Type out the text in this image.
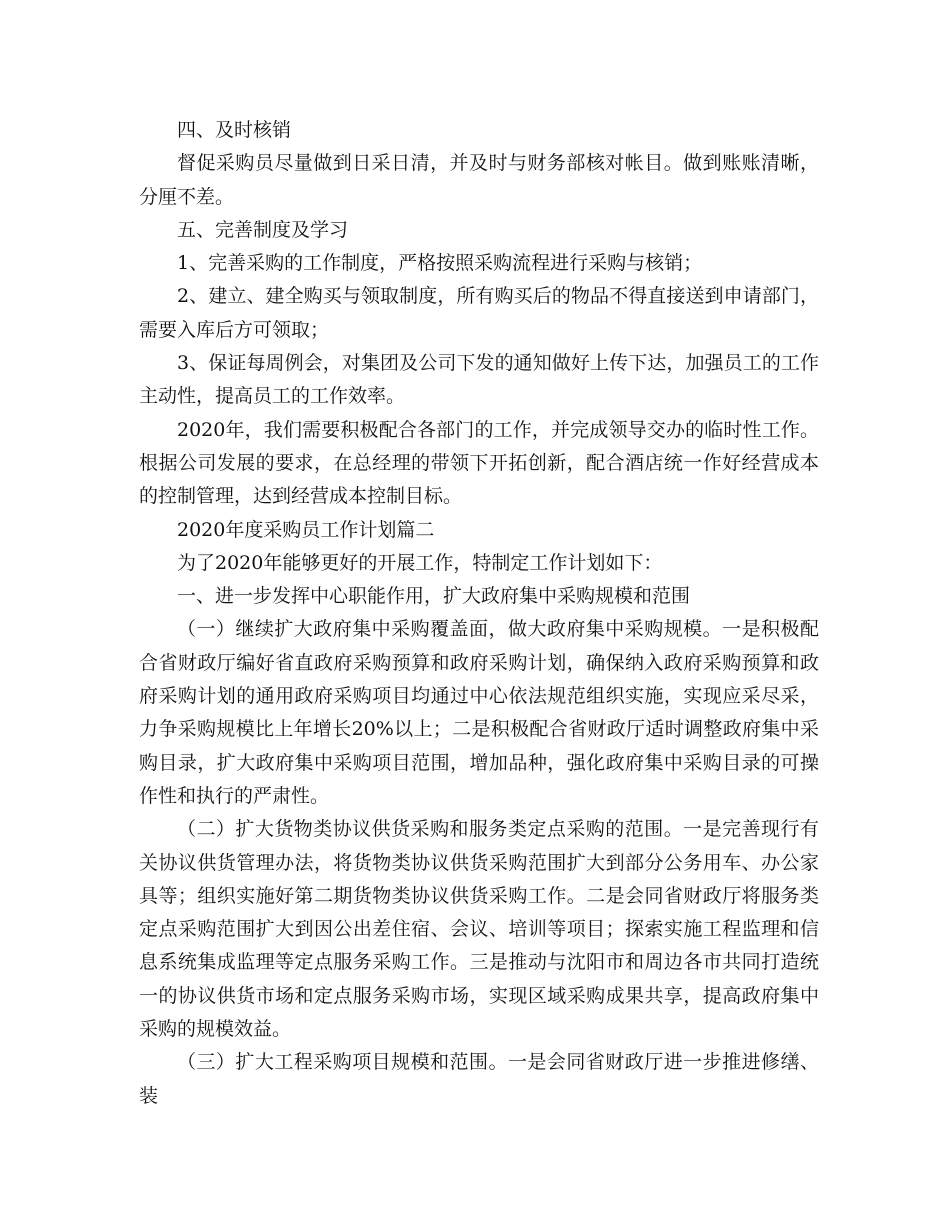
四、及时核销

督促采购员尽量做到日采日清，并及时与财务部核对帐目。做到账账清晰，分厘不差。

五、完善制度及学习

1、完善采购的工作制度，严格按照采购流程进行采购与核销；

2、建立、建全购买与领取制度，所有购买后的物品不得直接送到申请部门，需要入库后方可领取；

3、保证每周例会，对集团及公司下发的通知做好上传下达，加强员工的工作主动性，提高员工的工作效率。

2020年，我们需要积极配合各部门的工作，并完成领导交办的临时性工作。根据公司发展的要求，在总经理的带领下开拓创新，配合酒店统一作好经营成本的控制管理，达到经营成本控制目标。

2020年度采购员工作计划篇二

为了2020年能够更好的开展工作，特制定工作计划如下：

一、进一步发挥中心职能作用，扩大政府集中采购规模和范围

（一）继续扩大政府集中采购覆盖面，做大政府集中采购规模。一是积极配合省财政厅编好省直政府采购预算和政府采购计划，确保纳入政府采购预算和政府采购计划的通用政府采购项目均通过中心依法规范组织实施，实现应采尽采，力争采购规模比上年增长20%以上；二是积极配合省财政厅适时调整政府集中采购目录，扩大政府集中采购项目范围，增加品种，强化政府集中采购目录的可操作性和执行的严肃性。

（二）扩大货物类协议供货采购和服务类定点采购的范围。一是完善现行有关协议供货管理办法，将货物类协议供货采购范围扩大到部分公务用车、办公家具等；组织实施好第二期货物类协议供货采购工作。二是会同省财政厅将服务类定点采购范围扩大到因公出差住宿、会议、培训等项目；探索实施工程监理和信息系统集成监理等定点服务采购工作。三是推动与沈阳市和周边各市共同打造统一的协议供货市场和定点服务采购市场，实现区域采购成果共享，提高政府集中采购的规模效益。

（三）扩大工程采购项目规模和范围。一是会同省财政厅进一步推进修缮、装
